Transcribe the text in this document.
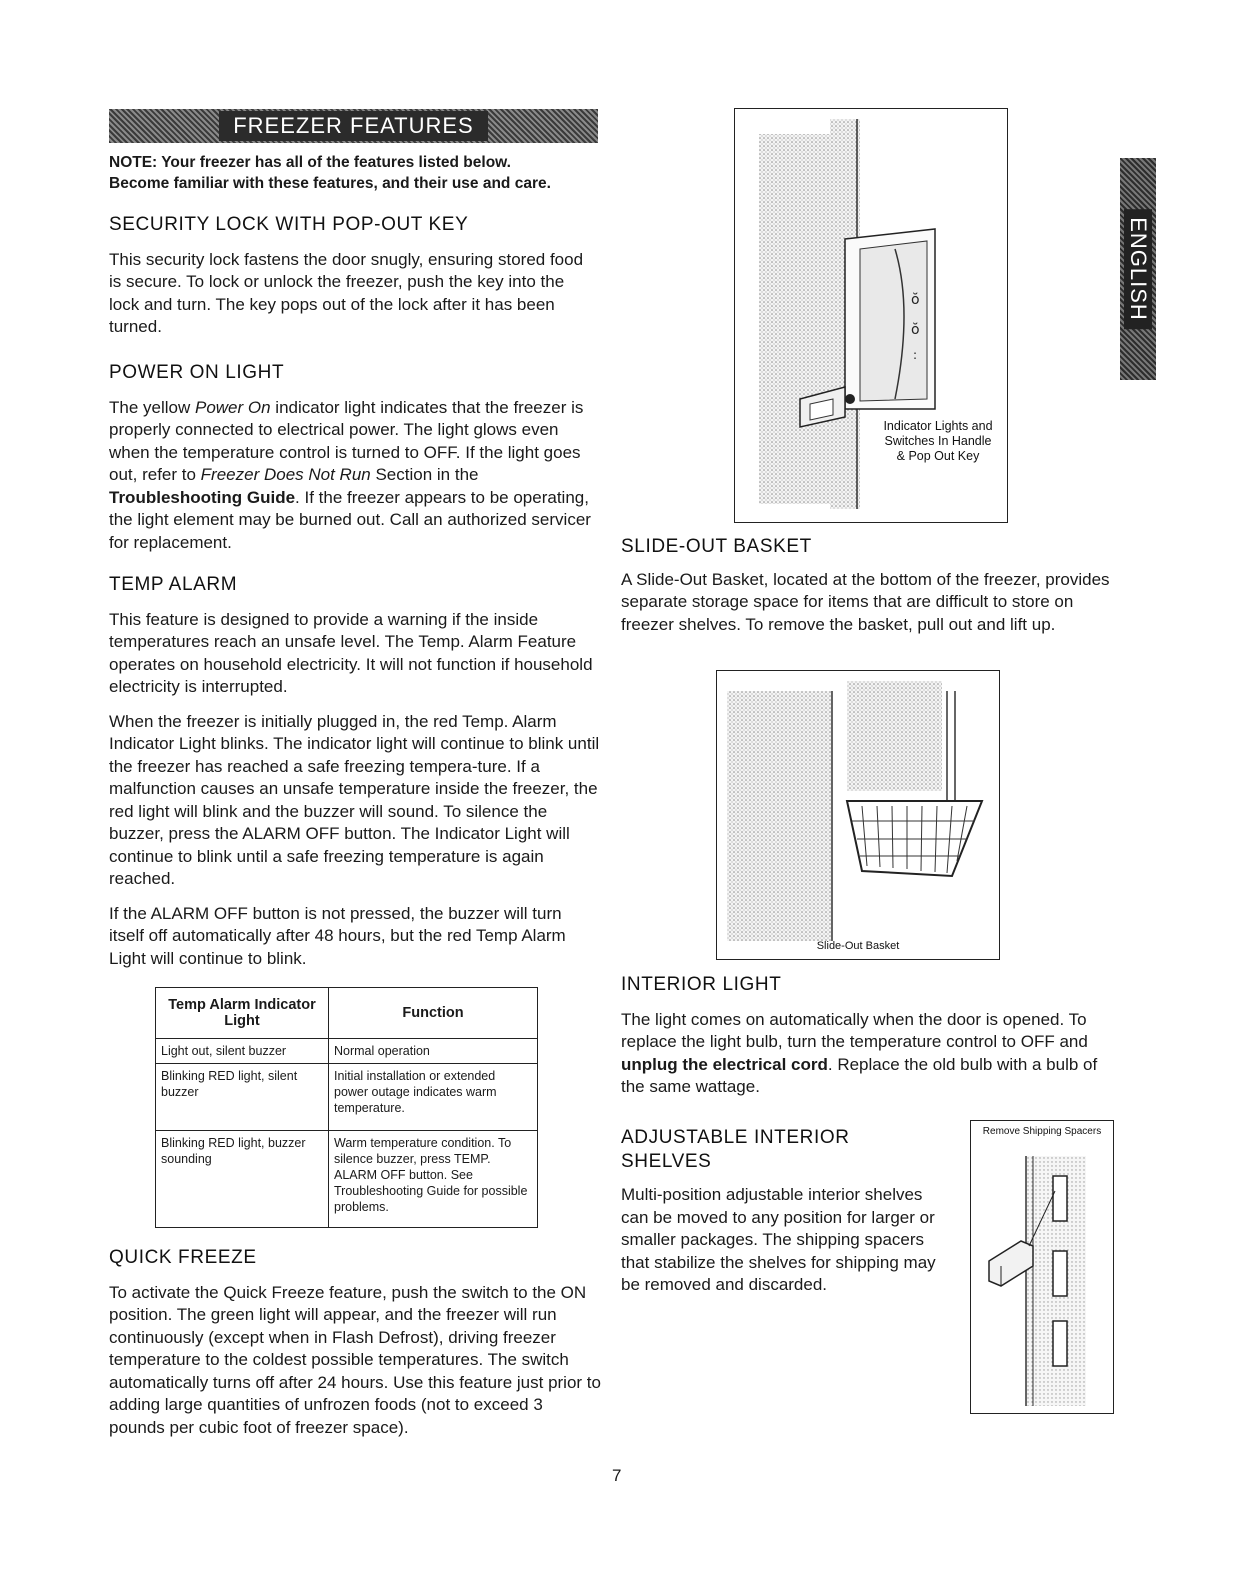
FREEZER FEATURES
NOTE: Your freezer has all of the features listed below.
Become familiar with these features, and their use and care.
SECURITY LOCK WITH POP-OUT KEY

This security lock fastens the door snugly, ensuring stored food is secure. To lock or unlock the freezer, push the key into the lock and turn. The key pops out of the lock after it has been turned.

POWER ON LIGHT

The yellow Power On indicator light indicates that the freezer is properly connected to electrical power. The light glows even when the temperature control is turned to OFF. If the light goes out, refer to Freezer Does Not Run Section in the Troubleshooting Guide. If the freezer appears to be operating, the light element may be burned out. Call an authorized servicer for replacement.

TEMP ALARM

This feature is designed to provide a warning if the inside temperatures reach an unsafe level. The Temp. Alarm Feature operates on household electricity. It will not function if household electricity is interrupted.

When the freezer is initially plugged in, the red Temp. Alarm Indicator Light blinks. The indicator light will continue to blink until the freezer has reached a safe freezing tempera-ture. If a malfunction causes an unsafe temperature inside the freezer, the red light will blink and the buzzer will sound. To silence the buzzer, press the ALARM OFF button. The Indicator Light will continue to blink until a safe freezing temperature is again reached.

If the ALARM OFF button is not pressed, the buzzer will turn itself off automatically after 48 hours, but the red Temp Alarm Light will continue to blink.

Temp Alarm Indicator Light	Function
Light out, silent buzzer	Normal operation
Blinking RED light, silent buzzer	Initial installation or extended power outage indicates warm temperature.
Blinking RED light, buzzer sounding	Warm temperature condition. To silence buzzer, press TEMP. ALARM OFF button. See Troubleshooting Guide for possible problems.
QUICK FREEZE

To activate the Quick Freeze feature, push the switch to the ON position. The green light will appear, and the freezer will run continuously (except when in Flash Defrost), driving freezer temperature to the coldest possible temperatures. The switch automatically turns off after 24 hours. Use this feature just prior to adding large quantities of unfrozen foods (not to exceed 3 pounds per cubic foot of freezer space).

ŏ
ŏ
:
Indicator Lights and Switches In Handle & Pop Out Key
SLIDE-OUT BASKET

A Slide-Out Basket, located at the bottom of the freezer, provides separate storage space for items that are difficult to store on freezer shelves. To remove the basket, pull out and lift up.

Slide-Out Basket
INTERIOR LIGHT

The light comes on automatically when the door is opened. To replace the light bulb, turn the temperature control to OFF and unplug the electrical cord. Replace the old bulb with a bulb of the same wattage.

ADJUSTABLE INTERIOR
SHELVES

Multi-position adjustable interior shelves can be moved to any position for larger or smaller packages. The shipping spacers that stabilize the shelves for shipping may be removed and discarded.

Remove Shipping Spacers
ENGLISH
7
